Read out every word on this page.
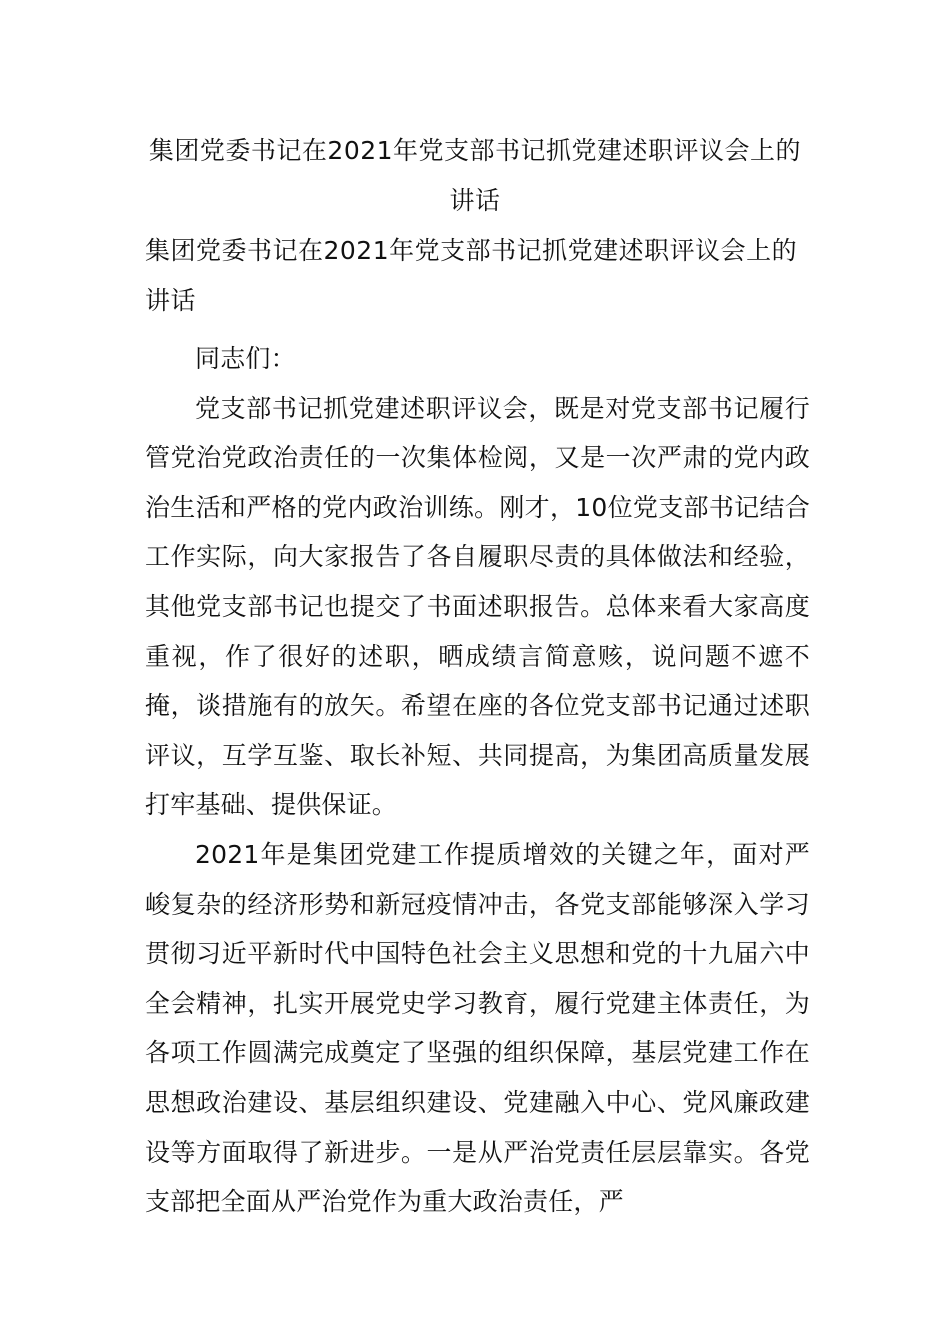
集团党委书记在2021年党支部书记抓党建述职评议会上的
讲话
集团党委书记在2021年党支部书记抓党建述职评议会上的
讲话

同志们：

党支部书记抓党建述职评议会，既是对党支部书记履行管党治党政治责任的一次集体检阅，又是一次严肃的党内政治生活和严格的党内政治训练。刚才，10位党支部书记结合工作实际，向大家报告了各自履职尽责的具体做法和经验，其他党支部书记也提交了书面述职报告。总体来看大家高度重视，作了很好的述职，晒成绩言简意赅，说问题不遮不掩，谈措施有的放矢。希望在座的各位党支部书记通过述职评议，互学互鉴、取长补短、共同提高，为集团高质量发展打牢基础、提供保证。

2021年是集团党建工作提质增效的关键之年，面对严峻复杂的经济形势和新冠疫情冲击，各党支部能够深入学习贯彻习近平新时代中国特色社会主义思想和党的十九届六中全会精神，扎实开展党史学习教育，履行党建主体责任，为各项工作圆满完成奠定了坚强的组织保障，基层党建工作在思想政治建设、基层组织建设、党建融入中心、党风廉政建设等方面取得了新进步。一是从严治党责任层层靠实。各党支部把全面从严治党作为重大政治责任，严
